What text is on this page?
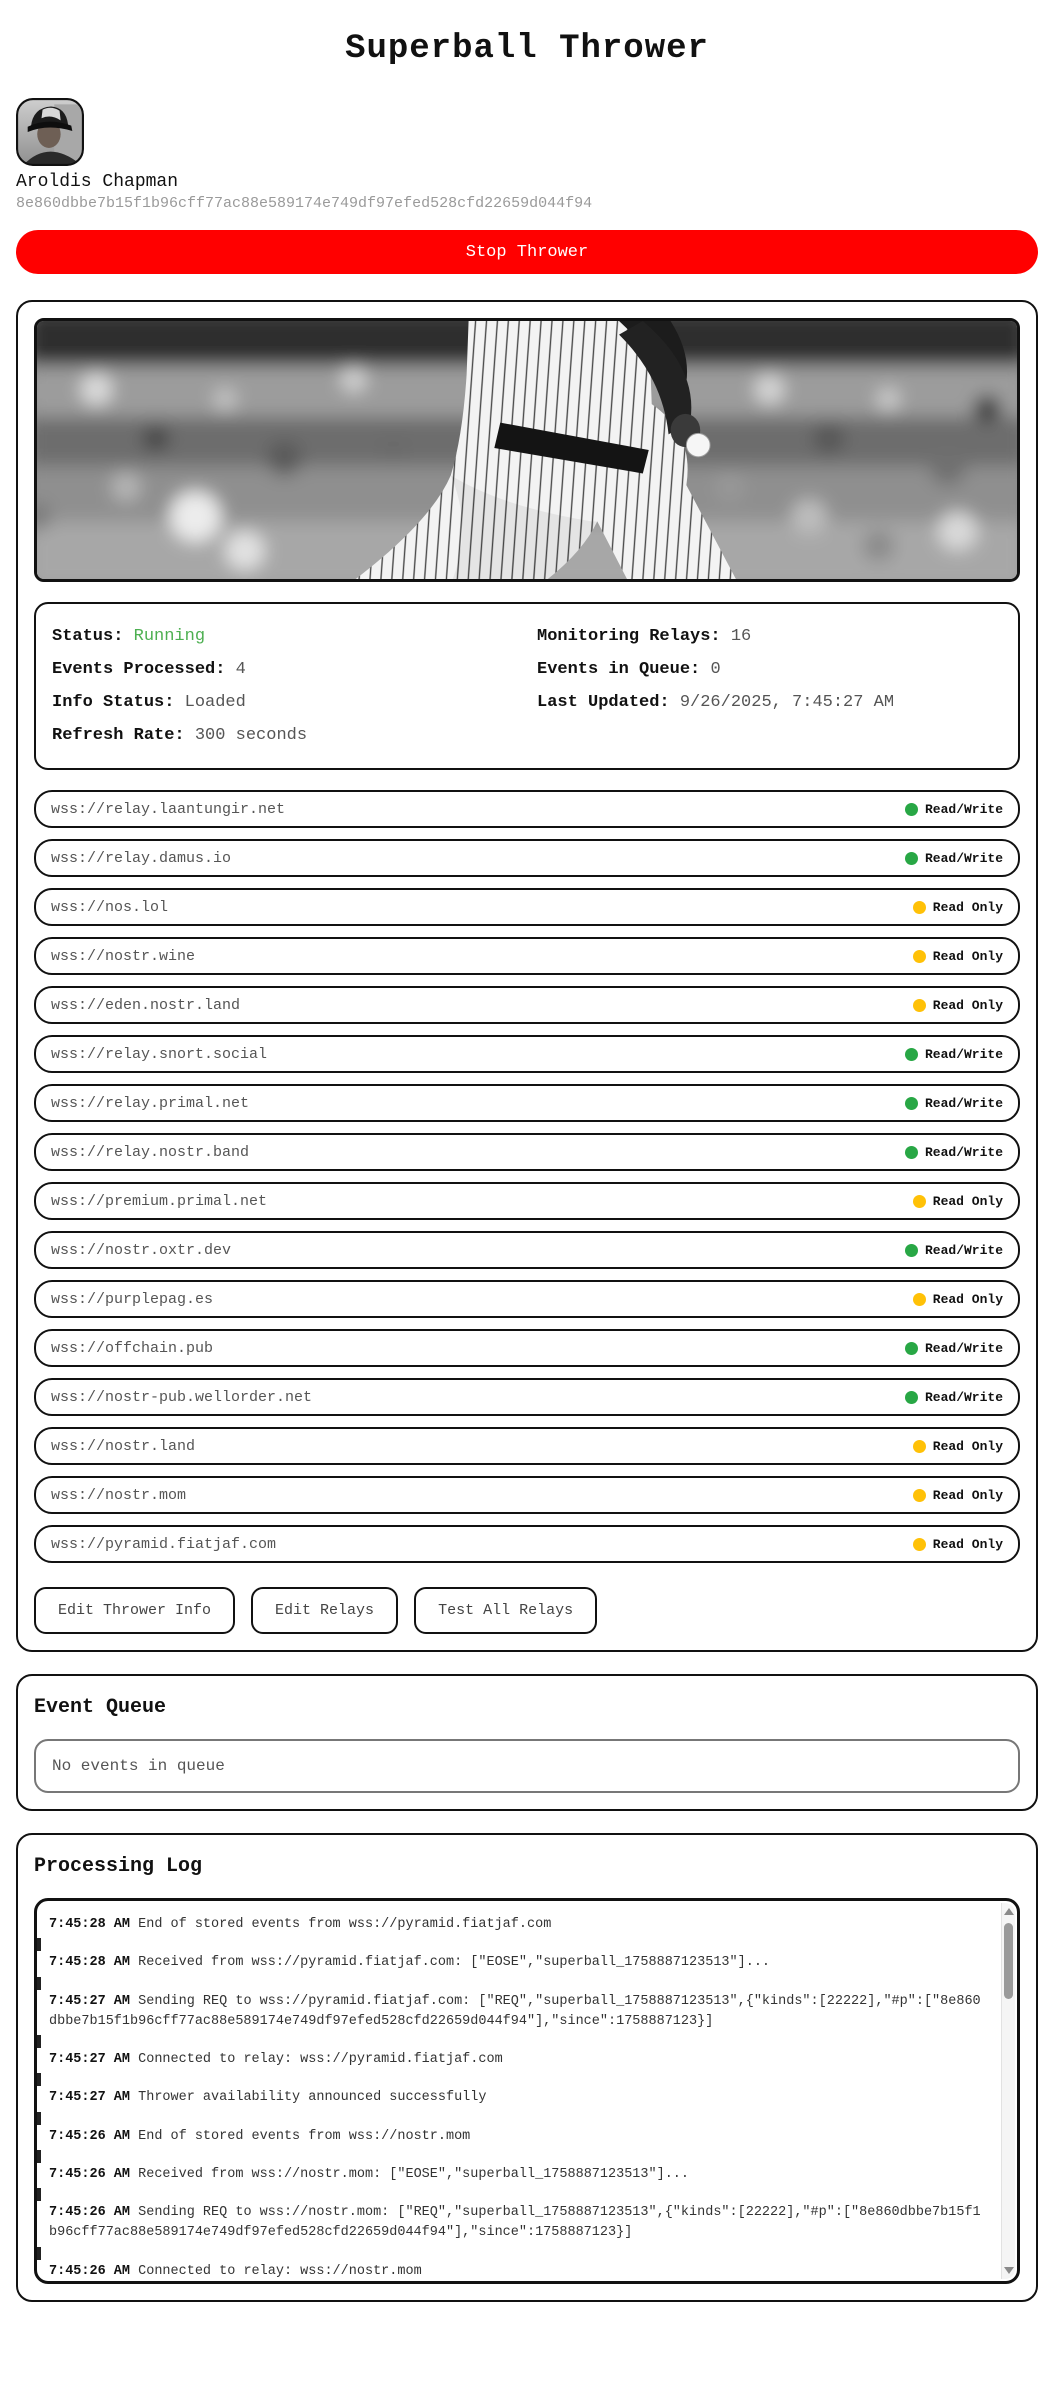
Superball Thrower
Aroldis Chapman
8e860dbbe7b15f1b96cff77ac88e589174e749df97efed528cfd22659d044f94
Stop Thrower
Status: Running
Events Processed: 4
Info Status: Loaded
Refresh Rate: 300 seconds
Monitoring Relays: 16
Events in Queue: 0
Last Updated: 9/26/2025, 7:45:27 AM
wss://relay.laantungir.net	Read/Write
wss://relay.damus.io	Read/Write
wss://nos.lol	Read Only
wss://nostr.wine	Read Only
wss://eden.nostr.land	Read Only
wss://relay.snort.social	Read/Write
wss://relay.primal.net	Read/Write
wss://relay.nostr.band	Read/Write
wss://premium.primal.net	Read Only
wss://nostr.oxtr.dev	Read/Write
wss://purplepag.es	Read Only
wss://offchain.pub	Read/Write
wss://nostr-pub.wellorder.net	Read/Write
wss://nostr.land	Read Only
wss://nostr.mom	Read Only
wss://pyramid.fiatjaf.com	Read Only
Edit Thrower Info	Edit Relays	Test All Relays
Event Queue
No events in queue
Processing Log
7:45:28 AM End of stored events from wss://pyramid.fiatjaf.com
7:45:28 AM Received from wss://pyramid.fiatjaf.com: ["EOSE","superball_1758887123513"]...
7:45:27 AM Sending REQ to wss://pyramid.fiatjaf.com: ["REQ","superball_1758887123513",{"kinds":[22222],"#p":["8e860dbbe7b15f1b96cff77ac88e589174e749df97efed528cfd22659d044f94"],"since":1758887123}]
7:45:27 AM Connected to relay: wss://pyramid.fiatjaf.com
7:45:27 AM Thrower availability announced successfully
7:45:26 AM End of stored events from wss://nostr.mom
7:45:26 AM Received from wss://nostr.mom: ["EOSE","superball_1758887123513"]...
7:45:26 AM Sending REQ to wss://nostr.mom: ["REQ","superball_1758887123513",{"kinds":[22222],"#p":["8e860dbbe7b15f1b96cff77ac88e589174e749df97efed528cfd22659d044f94"],"since":1758887123}]
7:45:26 AM Connected to relay: wss://nostr.mom
